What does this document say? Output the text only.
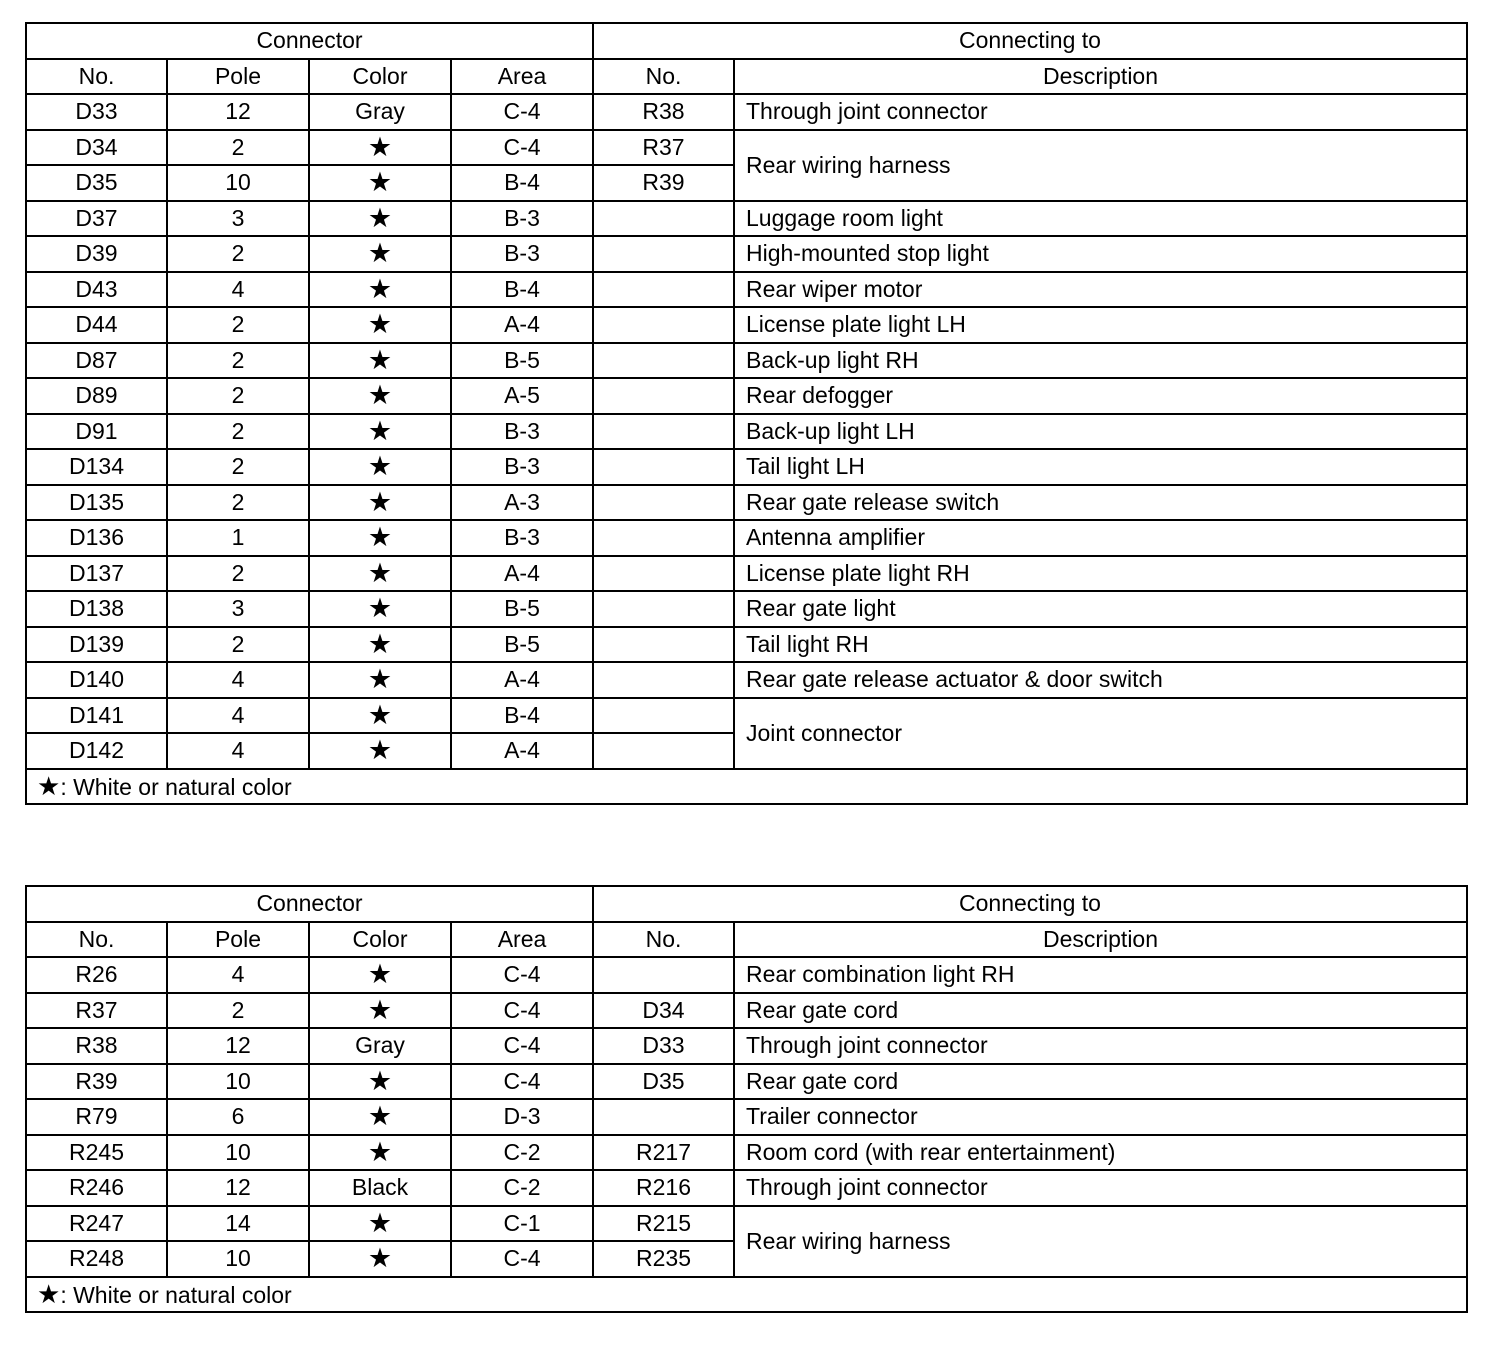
Connector				Connecting to	
No.	Pole	Color	Area	No.	Description
D33	12	Gray	C-4	R38	Through joint connector
D34	2	★	C-4	R37	Rear wiring harness
D35	10	★	B-4	R39	
D37	3	★	B-3		Luggage room light
D39	2	★	B-3		High-mounted stop light
D43	4	★	B-4		Rear wiper motor
D44	2	★	A-4		License plate light LH
D87	2	★	B-5		Back-up light RH
D89	2	★	A-5		Rear defogger
D91	2	★	B-3		Back-up light LH
D134	2	★	B-3		Tail light LH
D135	2	★	A-3		Rear gate release switch
D136	1	★	B-3		Antenna amplifier
D137	2	★	A-4		License plate light RH
D138	3	★	B-5		Rear gate light
D139	2	★	B-5		Tail light RH
D140	4	★	A-4		Rear gate release actuator & door switch
D141	4	★	B-4		Joint connector
D142	4	★	A-4		
★: White or natural color					
Connector				Connecting to	
No.	Pole	Color	Area	No.	Description
R26	4	★	C-4		Rear combination light RH
R37	2	★	C-4	D34	Rear gate cord
R38	12	Gray	C-4	D33	Through joint connector
R39	10	★	C-4	D35	Rear gate cord
R79	6	★	D-3		Trailer connector
R245	10	★	C-2	R217	Room cord (with rear entertainment)
R246	12	Black	C-2	R216	Through joint connector
R247	14	★	C-1	R215	Rear wiring harness
R248	10	★	C-4	R235	
★: White or natural color					
